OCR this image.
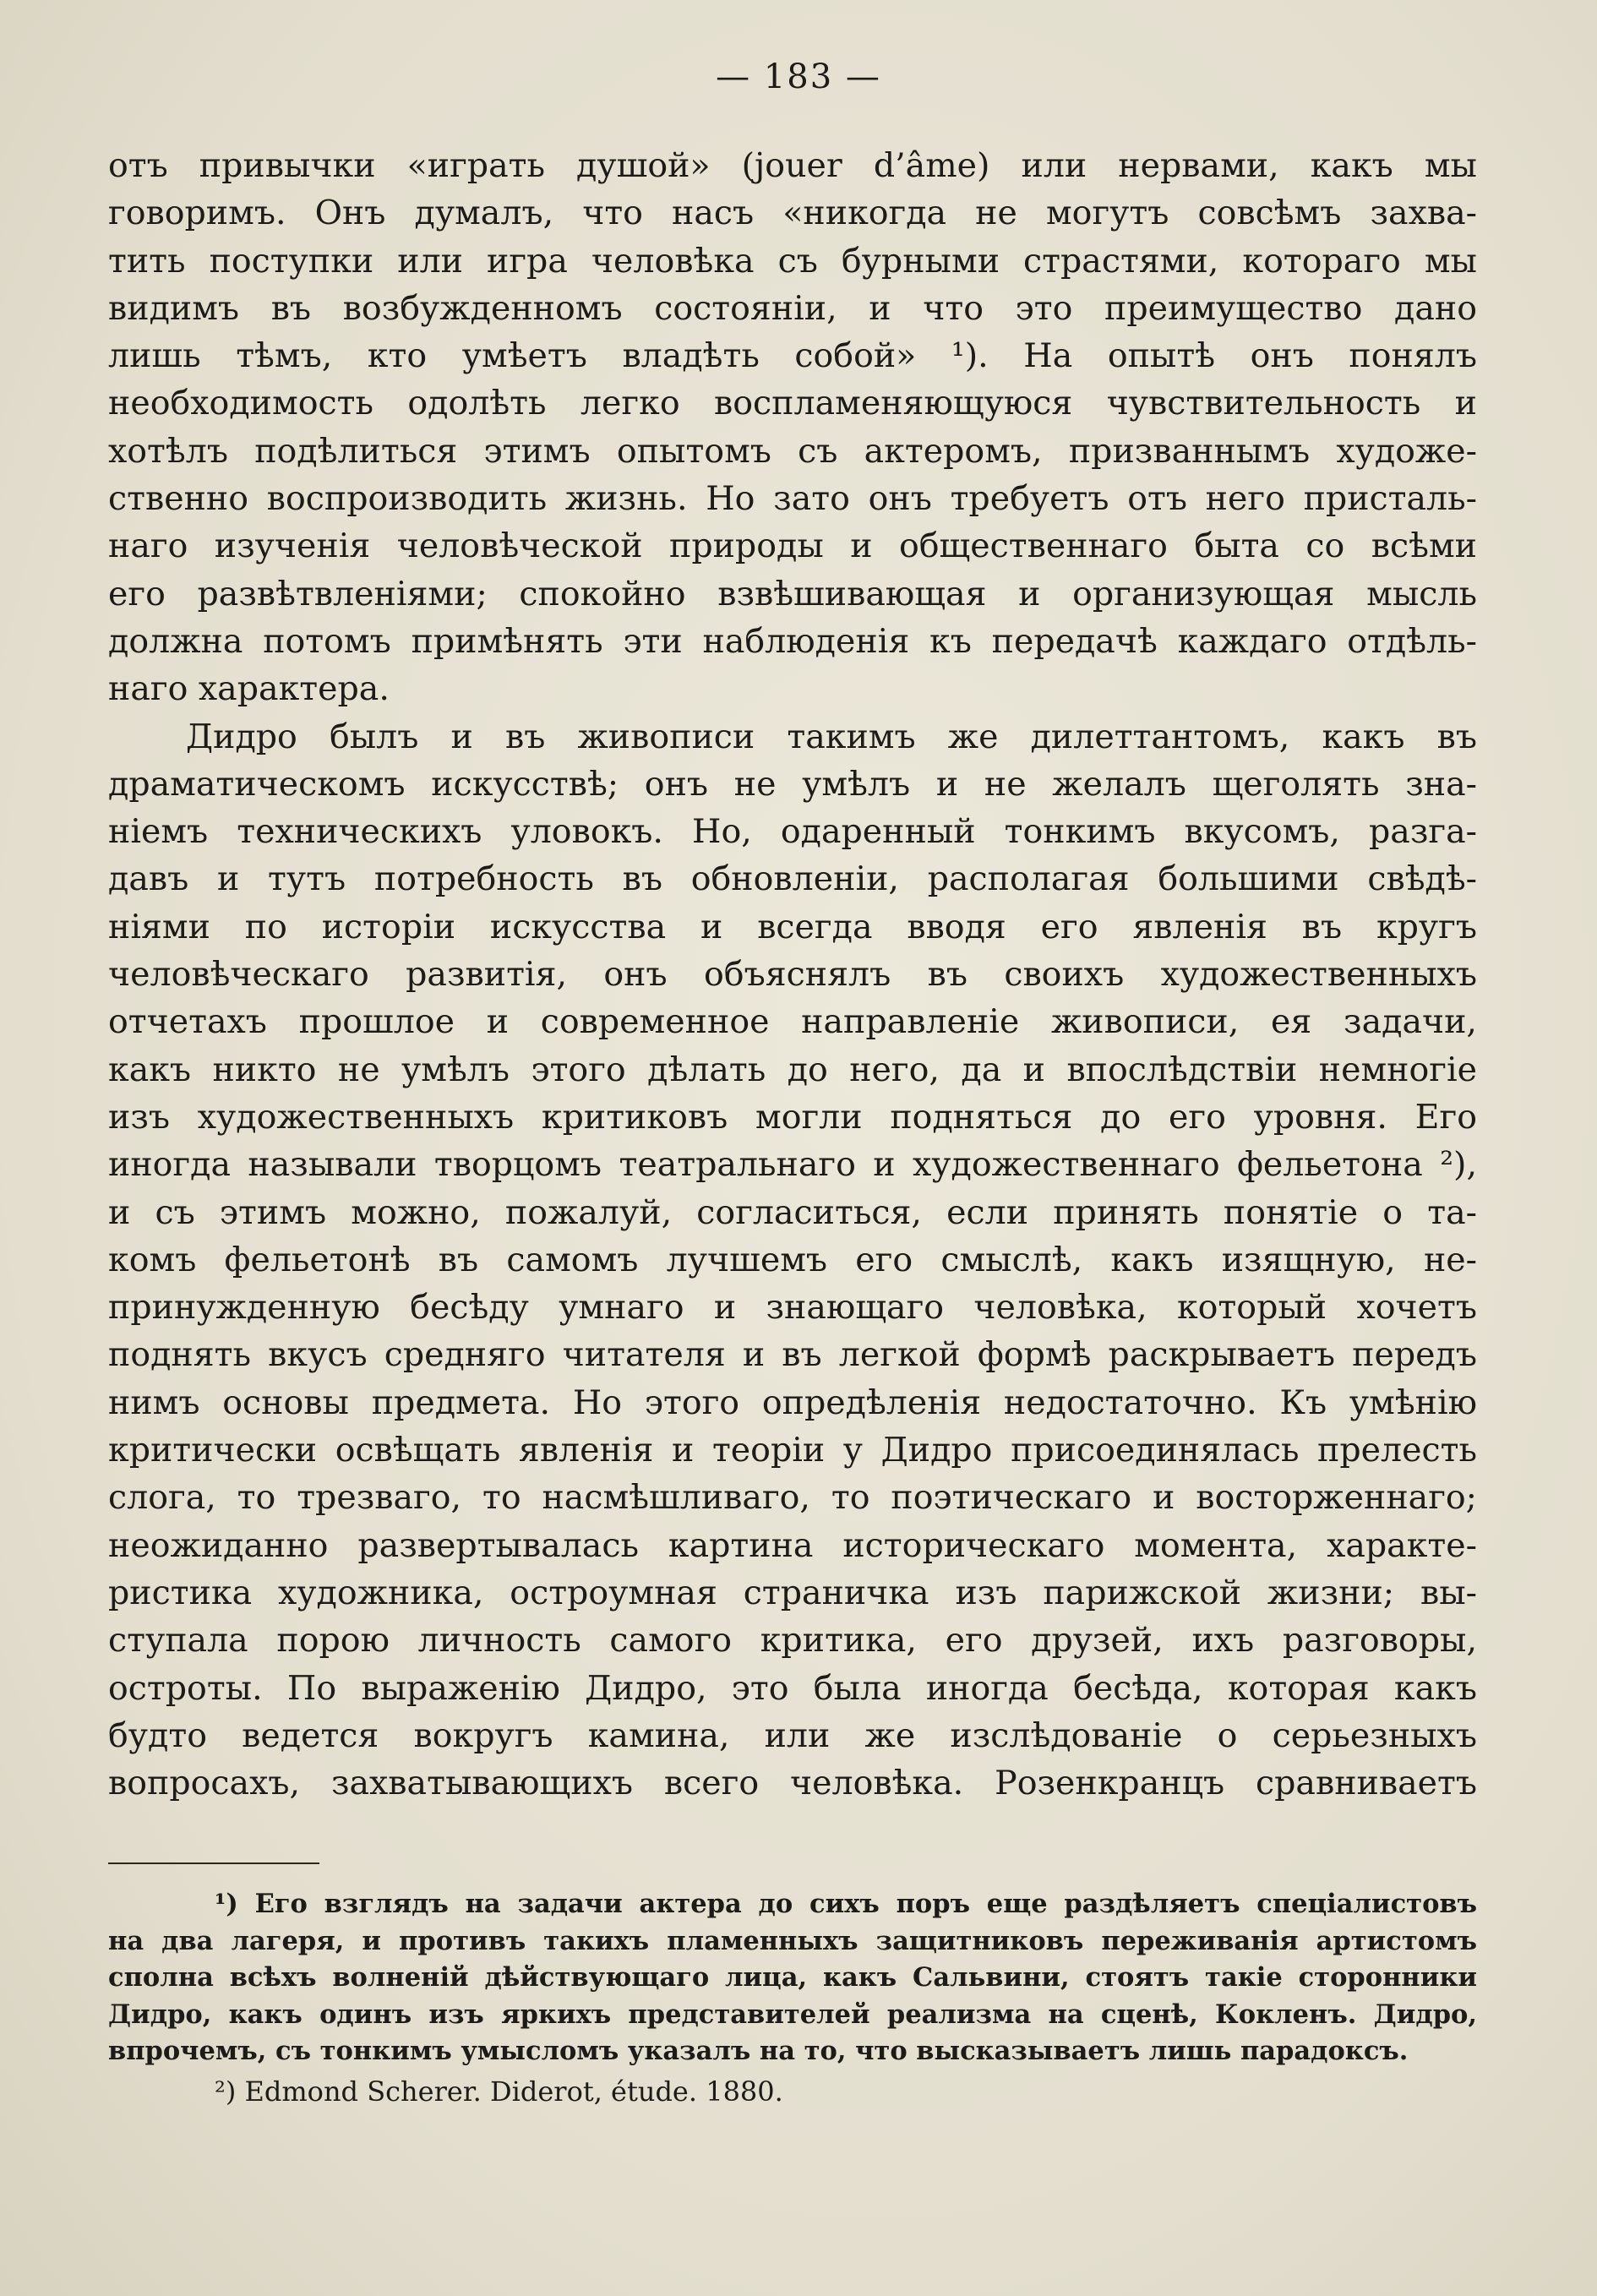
— 183 —

отъ привычки «играть душой» (jouer d’âme) или нервами, какъ мы

говоримъ. Онъ думалъ, что насъ «никогда не могутъ совсѣмъ захва-

тить поступки или игра человѣка съ бурными страстями, котораго мы

видимъ въ возбужденномъ состояніи, и что это преимущество дано

лишь тѣмъ, кто умѣетъ владѣть собой» ¹). На опытѣ онъ понялъ

необходимость одолѣть легко воспламеняющуюся чувствительность и

хотѣлъ подѣлиться этимъ опытомъ съ актеромъ, призваннымъ художе-

ственно воспроизводить жизнь. Но зато онъ требуетъ отъ него присталь-

наго изученія человѣческой природы и общественнаго быта со всѣми

его развѣтвленіями; спокойно взвѣшивающая и организующая мысль

должна потомъ примѣнять эти наблюденія къ передачѣ каждаго отдѣль-

наго характера.

Дидро былъ и въ живописи такимъ же дилеттантомъ, какъ въ

драматическомъ искусствѣ; онъ не умѣлъ и не желалъ щеголять зна-

ніемъ техническихъ уловокъ. Но, одаренный тонкимъ вкусомъ, разга-

давъ и тутъ потребность въ обновленіи, располагая большими свѣдѣ-

ніями по исторіи искусства и всегда вводя его явленія въ кругъ

человѣческаго развитія, онъ объяснялъ въ своихъ художественныхъ

отчетахъ прошлое и современное направленіе живописи, ея задачи,

какъ никто не умѣлъ этого дѣлать до него, да и впослѣдствіи немногіе

изъ художественныхъ критиковъ могли подняться до его уровня. Его

иногда называли творцомъ театральнаго и художественнаго фельетона ²),

и съ этимъ можно, пожалуй, согласиться, если принять понятіе о та-

комъ фельетонѣ въ самомъ лучшемъ его смыслѣ, какъ изящную, не-

принужденную бесѣду умнаго и знающаго человѣка, который хочетъ

поднять вкусъ средняго читателя и въ легкой формѣ раскрываетъ передъ

нимъ основы предмета. Но этого опредѣленія недостаточно. Къ умѣнію

критически освѣщать явленія и теоріи у Дидро присоединялась прелесть

слога, то трезваго, то насмѣшливаго, то поэтическаго и восторженнаго;

неожиданно развертывалась картина историческаго момента, характе-

ристика художника, остроумная страничка изъ парижской жизни; вы-

ступала порою личность самого критика, его друзей, ихъ разговоры,

остроты. По выраженію Дидро, это была иногда бесѣда, которая какъ

будто ведется вокругъ камина, или же изслѣдованіе о серьезныхъ

вопросахъ, захватывающихъ всего человѣка. Розенкранцъ сравниваетъ

¹) Его взглядъ на задачи актера до сихъ поръ еще раздѣляетъ спеціалистовъ

на два лагеря, и противъ такихъ пламенныхъ защитниковъ переживанія артистомъ

сполна всѣхъ волненій дѣйствующаго лица, какъ Сальвини, стоятъ такіе сторонники

Дидро, какъ одинъ изъ яркихъ представителей реализма на сценѣ, Кокленъ. Дидро,

впрочемъ, съ тонкимъ умысломъ указалъ на то, что высказываетъ лишь парадоксъ.

²) Edmond Scherer. Diderot, étude. 1880.
